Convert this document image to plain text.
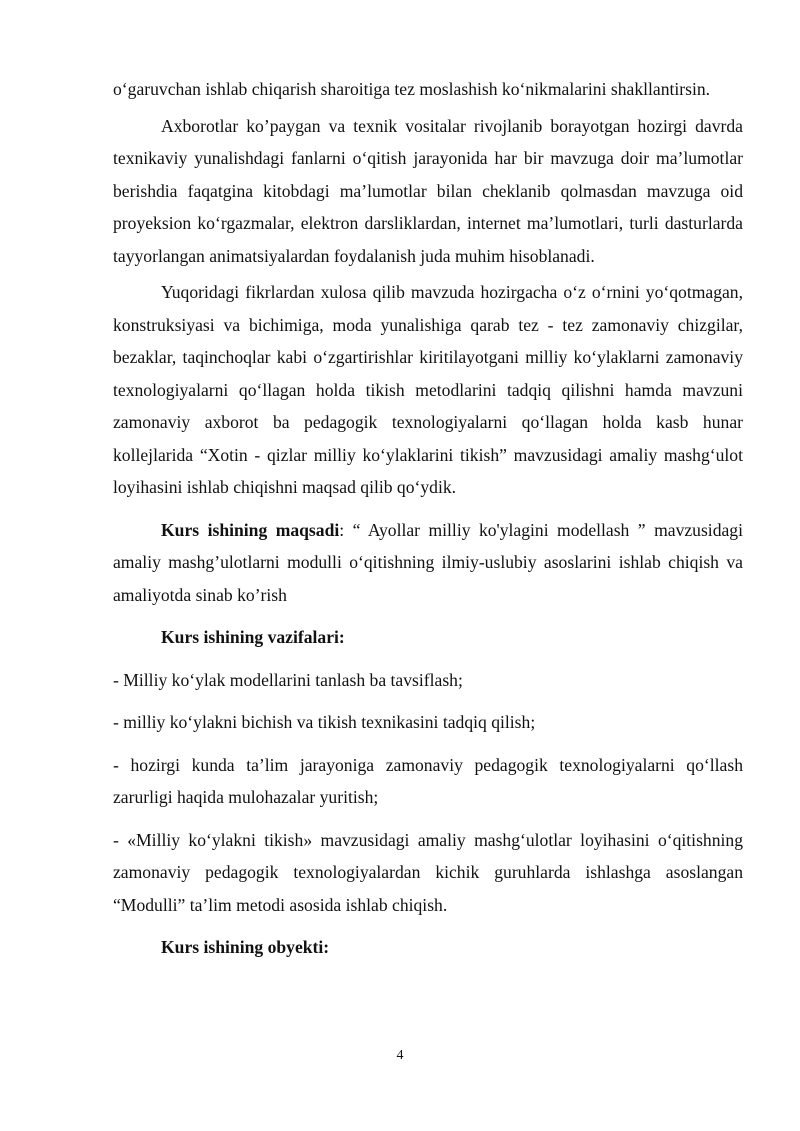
o‘garuvchan ishlab chiqarish sharoitiga tez moslashish ko‘nikmalarini shakllantirsin.

Axborotlar ko’paygan va texnik vositalar rivojlanib borayotgan hozirgi davrda texnikaviy yunalishdagi fanlarni o‘qitish jarayonida har bir mavzuga doir ma’lumotlar berishdia faqatgina kitobdagi ma’lumotlar bilan cheklanib qolmasdan mavzuga oid proyeksion ko‘rgazmalar, elektron darsliklardan, internet ma’lumotlari, turli dasturlarda tayyorlangan animatsiyalardan foydalanish juda muhim hisoblanadi.

Yuqoridagi fikrlardan xulosa qilib mavzuda hozirgacha o‘z o‘rnini yo‘qotmagan, konstruksiyasi va bichimiga, moda yunalishiga qarab tez - tez zamonaviy chizgilar, bezaklar, taqinchoqlar kabi o‘zgartirishlar kiritilayotgani milliy ko‘ylaklarni zamonaviy texnologiyalarni qo‘llagan holda tikish metodlarini tadqiq qilishni hamda mavzuni zamonaviy axborot ba pedagogik texnologiyalarni qo‘llagan holda kasb hunar kollejlarida “Xotin - qizlar milliy ko‘ylaklarini tikish” mavzusidagi amaliy mashg‘ulot loyihasini ishlab chiqishni maqsad qilib qo‘ydik.

Kurs ishining maqsadi: “ Ayollar milliy ko'ylagini modellash ” mavzusidagi amaliy mashg’ulotlarni modulli o‘qitishning ilmiy-uslubiy asoslarini ishlab chiqish va amaliyotda sinab ko’rish

Kurs ishining vazifalari:

- Milliy ko‘ylak modellarini tanlash ba tavsiflash;

- milliy ko‘ylakni bichish va tikish texnikasini tadqiq qilish;

- hozirgi kunda ta’lim jarayoniga zamonaviy pedagogik texnologiyalarni qo‘llash zarurligi haqida mulohazalar yuritish;

- «Milliy ko‘ylakni tikish» mavzusidagi amaliy mashg‘ulotlar loyihasini o‘qitishning zamonaviy pedagogik texnologiyalardan kichik guruhlarda ishlashga asoslangan “Modulli” ta’lim metodi asosida ishlab chiqish.

Kurs ishining obyekti:

4
